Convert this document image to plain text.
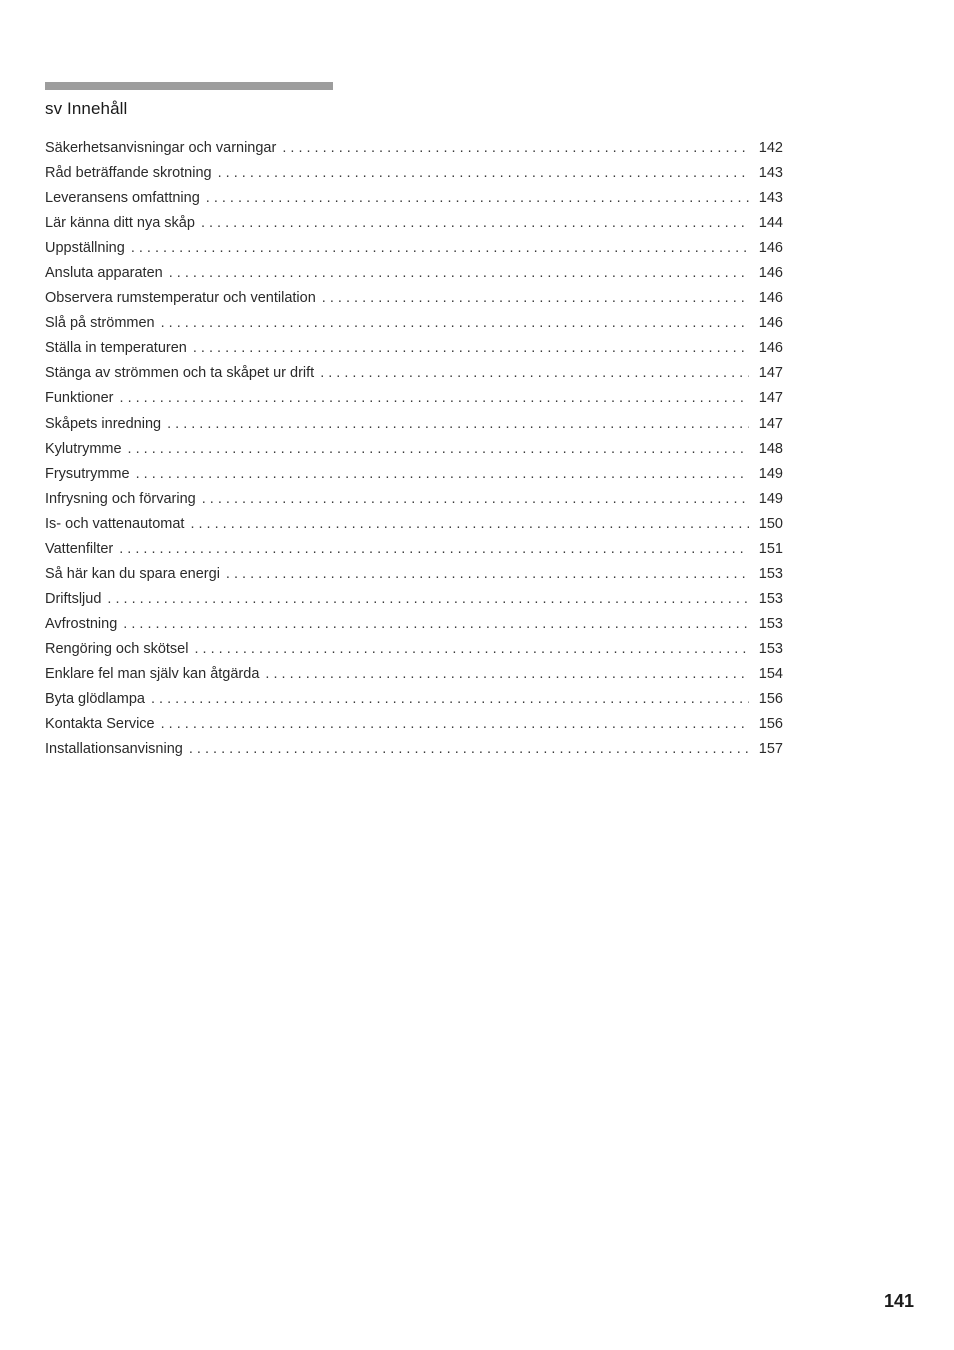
sv Innehåll
Säkerhetsanvisningar och varningar . . .	142
Råd beträffande skrotning . . .	143
Leveransens omfattning . . .	143
Lär känna ditt nya skåp . . .	144
Uppställning . . .	146
Ansluta apparaten . . .	146
Observera rumstemperatur och ventilation . . .	146
Slå på strömmen . . .	146
Ställa in temperaturen . . .	146
Stänga av strömmen och ta skåpet ur drift . . .	147
Funktioner . . .	147
Skåpets inredning . . .	147
Kylutrymme . . .	148
Frysutrymme . . .	149
Infrysning och förvaring . . .	149
Is- och vattenautomat . . .	150
Vattenfilter . . .	151
Så här kan du spara energi . . .	153
Driftsljud . . .	153
Avfrostning . . .	153
Rengöring och skötsel . . .	153
Enklare fel man själv kan åtgärda . . .	154
Byta glödlampa . . .	156
Kontakta Service . . .	156
Installationsanvisning . . .	157
141
